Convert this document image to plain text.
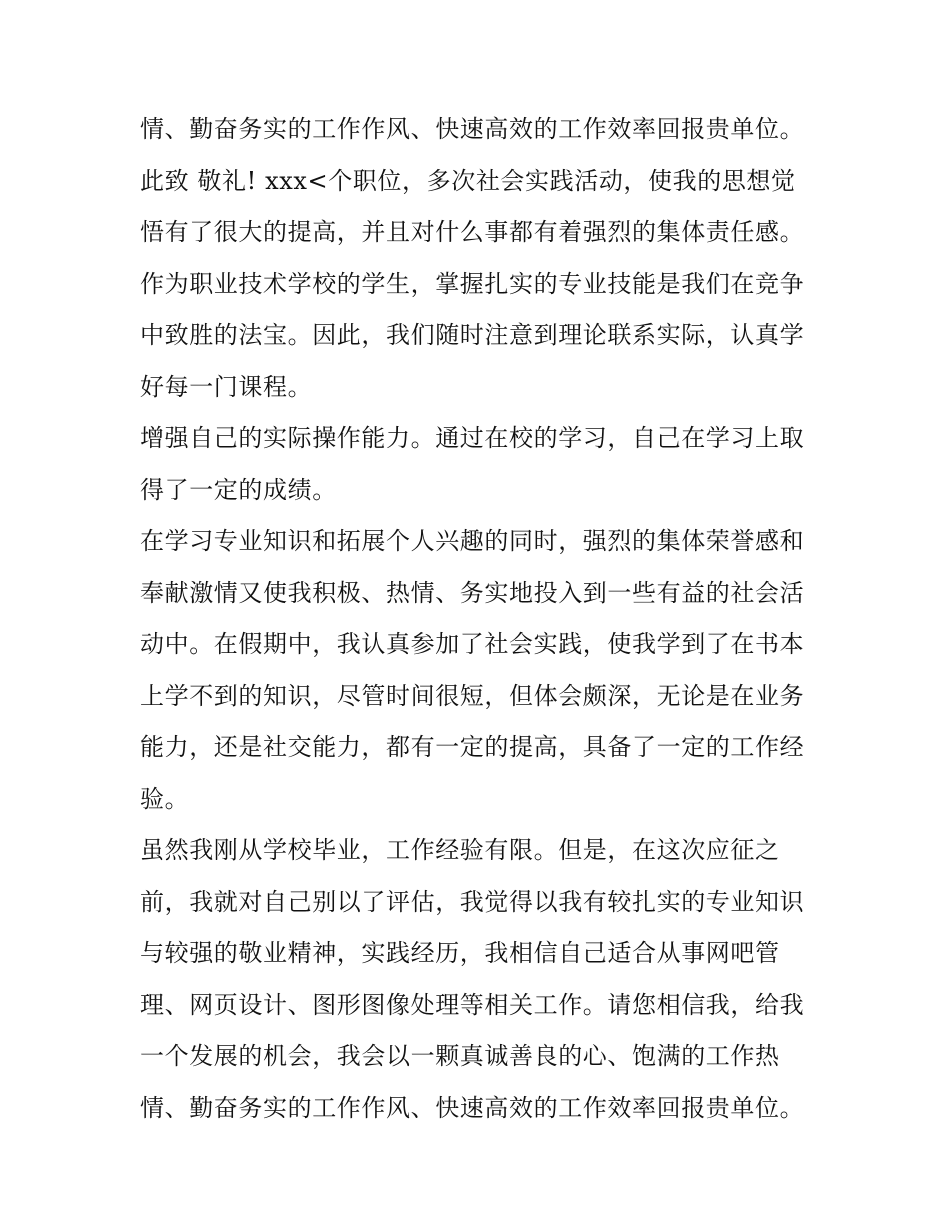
情、勤奋务实的工作作风、快速高效的工作效率回报贵单位。

此致 敬礼! xxx<个职位，多次社会实践活动，使我的思想觉悟有了很大的提高，并且对什么事都有着强烈的集体责任感。

作为职业技术学校的学生，掌握扎实的专业技能是我们在竞争中致胜的法宝。因此，我们随时注意到理论联系实际，认真学好每一门课程。

增强自己的实际操作能力。通过在校的学习，自己在学习上取得了一定的成绩。

在学习专业知识和拓展个人兴趣的同时，强烈的集体荣誉感和奉献激情又使我积极、热情、务实地投入到一些有益的社会活动中。在假期中，我认真参加了社会实践，使我学到了在书本上学不到的知识，尽管时间很短，但体会颇深，无论是在业务能力，还是社交能力，都有一定的提高，具备了一定的工作经验。

虽然我刚从学校毕业，工作经验有限。但是，在这次应征之前，我就对自己别以了评估，我觉得以我有较扎实的专业知识与较强的敬业精神，实践经历，我相信自己适合从事网吧管理、网页设计、图形图像处理等相关工作。请您相信我，给我一个发展的机会，我会以一颗真诚善良的心、饱满的工作热情、勤奋务实的工作作风、快速高效的工作效率回报贵单位。
